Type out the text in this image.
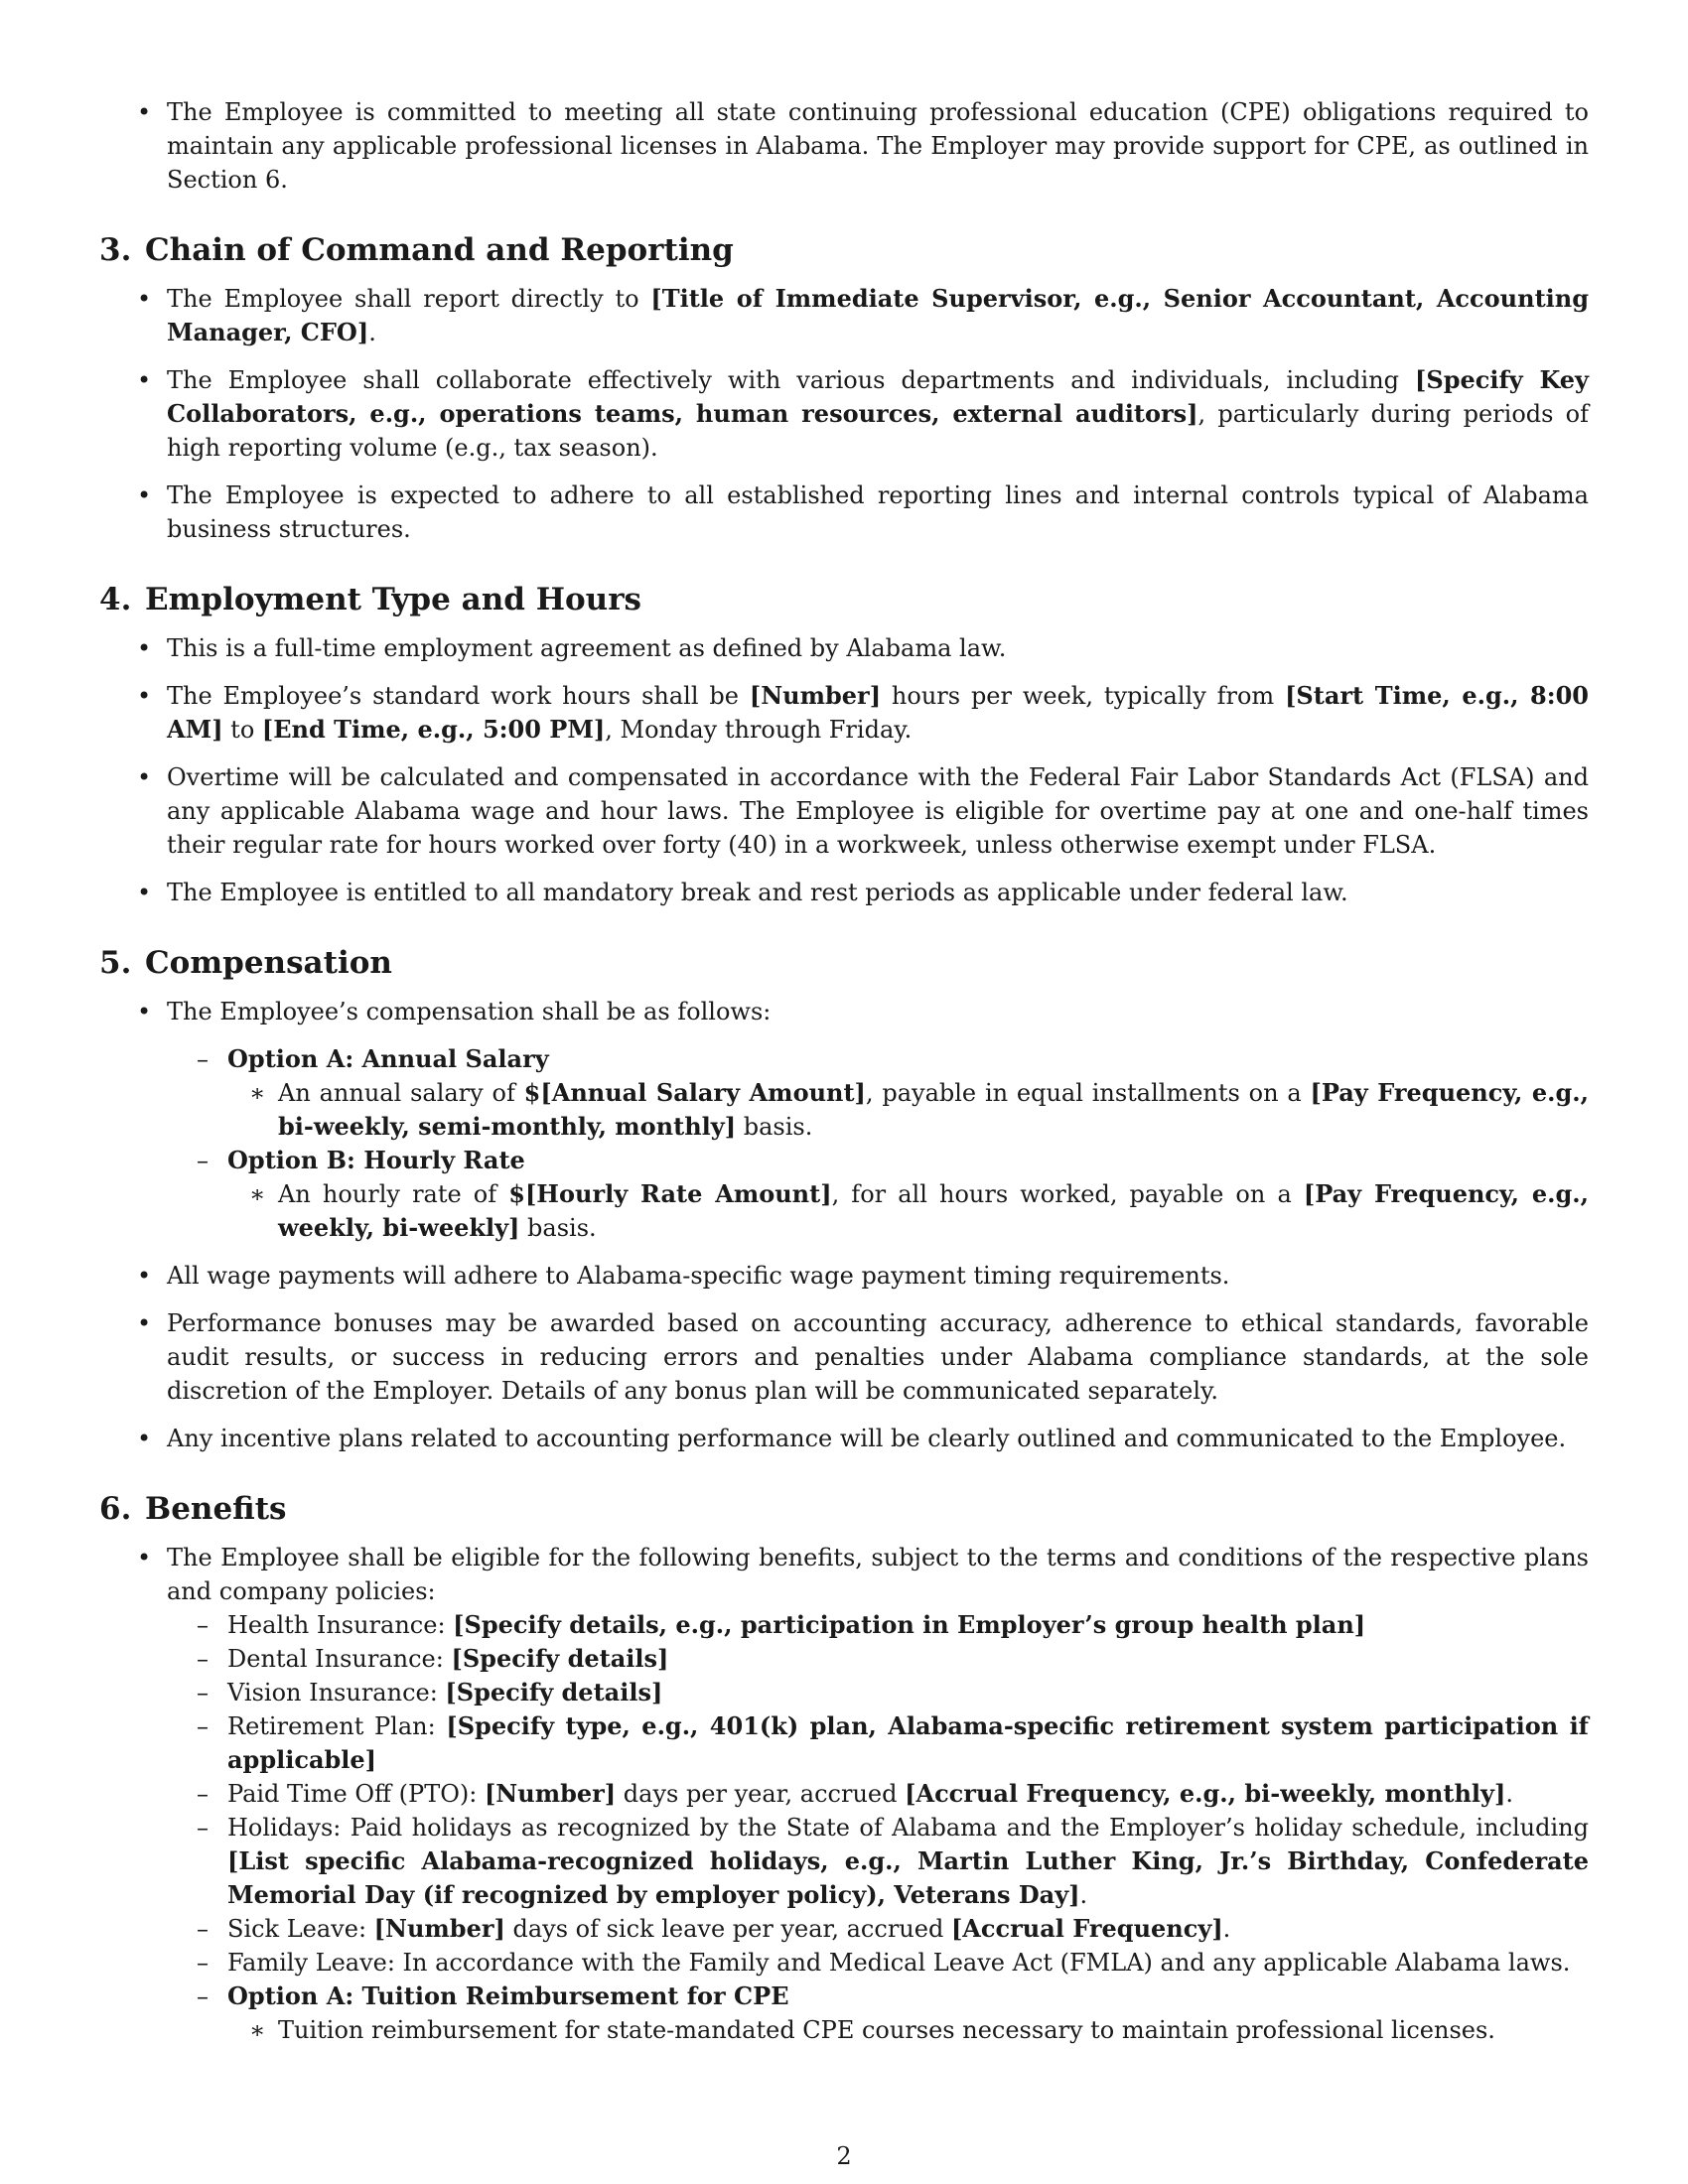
• The Employee is committed to meeting all state continuing professional education (CPE) obligations required to maintain any applicable professional licenses in Alabama. The Employer may provide support for CPE, as outlined in Section 6.
3. Chain of Command and Reporting
• The Employee shall report directly to [Title of Immediate Supervisor, e.g., Senior Accountant, Accounting Manager, CFO].
• The Employee shall collaborate effectively with various departments and individuals, including [Specify Key Collaborators, e.g., operations teams, human resources, external auditors], particularly during periods of high reporting volume (e.g., tax season).
• The Employee is expected to adhere to all established reporting lines and internal controls typical of Alabama business structures.
4. Employment Type and Hours
• This is a full-time employment agreement as defined by Alabama law.
• The Employee’s standard work hours shall be [Number] hours per week, typically from [Start Time, e.g., 8:00 AM] to [End Time, e.g., 5:00 PM], Monday through Friday.
• Overtime will be calculated and compensated in accordance with the Federal Fair Labor Standards Act (FLSA) and any applicable Alabama wage and hour laws. The Employee is eligible for overtime pay at one and one-half times their regular rate for hours worked over forty (40) in a workweek, unless otherwise exempt under FLSA.
• The Employee is entitled to all mandatory break and rest periods as applicable under federal law.
5. Compensation
• The Employee’s compensation shall be as follows:
– Option A: Annual Salary
∗ An annual salary of $[Annual Salary Amount], payable in equal installments on a [Pay Frequency, e.g., bi-weekly, semi-monthly, monthly] basis.
– Option B: Hourly Rate
∗ An hourly rate of $[Hourly Rate Amount], for all hours worked, payable on a [Pay Frequency, e.g., weekly, bi-weekly] basis.
• All wage payments will adhere to Alabama-specific wage payment timing requirements.
• Performance bonuses may be awarded based on accounting accuracy, adherence to ethical standards, favorable audit results, or success in reducing errors and penalties under Alabama compliance standards, at the sole discretion of the Employer. Details of any bonus plan will be communicated separately.
• Any incentive plans related to accounting performance will be clearly outlined and communicated to the Employee.
6. Benefits
• The Employee shall be eligible for the following benefits, subject to the terms and conditions of the respective plans and company policies:
– Health Insurance: [Specify details, e.g., participation in Employer’s group health plan]
– Dental Insurance: [Specify details]
– Vision Insurance: [Specify details]
– Retirement Plan: [Specify type, e.g., 401(k) plan, Alabama-specific retirement system participation if applicable]
– Paid Time Off (PTO): [Number] days per year, accrued [Accrual Frequency, e.g., bi-weekly, monthly].
– Holidays: Paid holidays as recognized by the State of Alabama and the Employer’s holiday schedule, including [List specific Alabama-recognized holidays, e.g., Martin Luther King, Jr.’s Birthday, Confederate Memorial Day (if recognized by employer policy), Veterans Day].
– Sick Leave: [Number] days of sick leave per year, accrued [Accrual Frequency].
– Family Leave: In accordance with the Family and Medical Leave Act (FMLA) and any applicable Alabama laws.
– Option A: Tuition Reimbursement for CPE
∗ Tuition reimbursement for state-mandated CPE courses necessary to maintain professional licenses.
2
